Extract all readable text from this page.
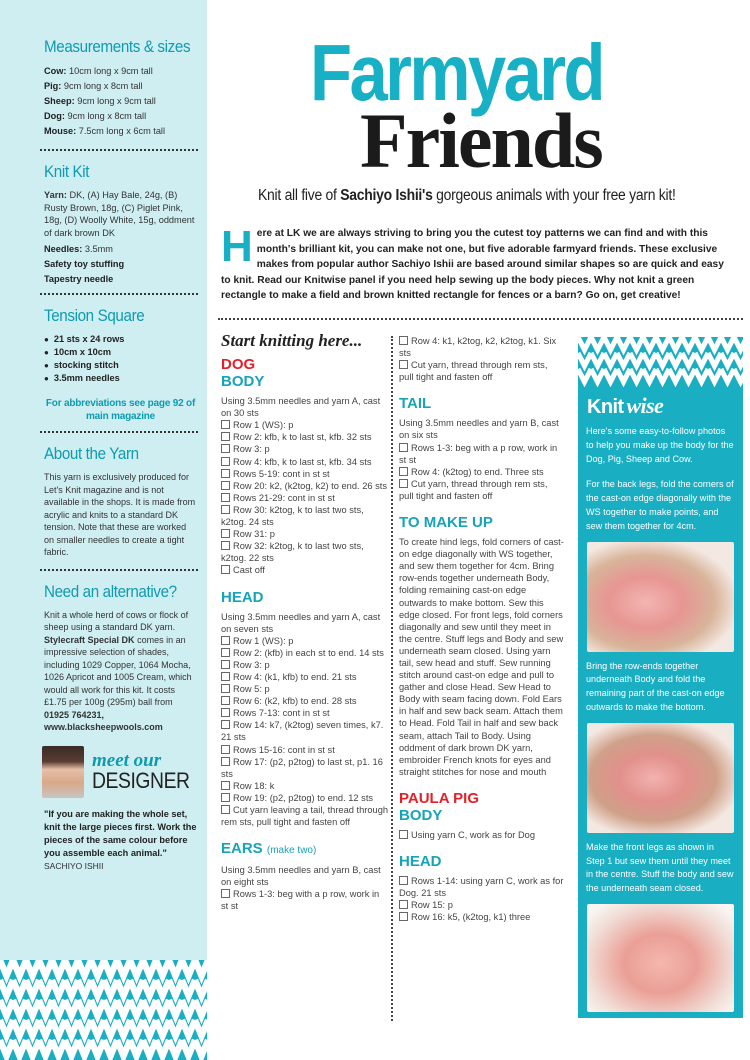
Measurements & sizes
Cow: 10cm long x 9cm tall
Pig: 9cm long x 8cm tall
Sheep: 9cm long x 9cm tall
Dog: 9cm long x 8cm tall
Mouse: 7.5cm long x 6cm tall
Knit Kit
Yarn: DK, (A) Hay Bale, 24g, (B) Rusty Brown, 18g, (C) Piglet Pink, 18g, (D) Woolly White, 15g, oddment of dark brown DK
Needles: 3.5mm
Safety toy stuffing
Tapestry needle
Tension Square
● 21 sts x 24 rows
● 10cm x 10cm
● stocking stitch
● 3.5mm needles
For abbreviations see page 92 of main magazine
About the Yarn
This yarn is exclusively produced for Let's Knit magazine and is not available in the shops. It is made from acrylic and knits to a standard DK tension. Note that these are worked on smaller needles to create a tight fabric.
Need an alternative?
Knit a whole herd of cows or flock of sheep using a standard DK yarn. Stylecraft Special DK comes in an impressive selection of shades, including 1029 Copper, 1064 Mocha, 1026 Apricot and 1005 Cream, which would all work for this kit. It costs £1.75 per 100g (295m) ball from 01925 764231, www.blacksheepwools.com
meet our
DESIGNER
"If you are making the whole set, knit the large pieces first. Work the pieces of the same colour before you assemble each animal."
SACHIYO ISHII
Farmyard
Friends
Knit all five of Sachiyo Ishii's gorgeous animals with your free yarn kit!
Here at LK we are always striving to bring you the cutest toy patterns we can find and with this month's brilliant kit, you can make not one, but five adorable farmyard friends. These exclusive makes from popular author Sachiyo Ishii are based around similar shapes so are quick and easy to knit. Read our Knitwise panel if you need help sewing up the body pieces. Why not knit a green rectangle to make a field and brown knitted rectangle for fences or a barn? Go on, get creative!
Start knitting here...
DOG
BODY
Using 3.5mm needles and yarn A, cast on 30 sts
Row 1 (WS): p
Row 2: kfb, k to last st, kfb. 32 sts
Row 3: p
Row 4: kfb, k to last st, kfb. 34 sts
Rows 5-19: cont in st st
Row 20: k2, (k2tog, k2) to end. 26 sts
Rows 21-29: cont in st st
Row 30: k2tog, k to last two sts, k2tog. 24 sts
Row 31: p
Row 32: k2tog, k to last two sts, k2tog. 22 sts
Cast off
HEAD
Using 3.5mm needles and yarn A, cast on seven sts
Row 1 (WS): p
Row 2: (kfb) in each st to end. 14 sts
Row 3: p
Row 4: (k1, kfb) to end. 21 sts
Row 5: p
Row 6: (k2, kfb) to end. 28 sts
Rows 7-13: cont in st st
Row 14: k7, (k2tog) seven times, k7. 21 sts
Rows 15-16: cont in st st
Row 17: (p2, p2tog) to last st, p1. 16 sts
Row 18: k
Row 19: (p2, p2tog) to end. 12 sts
Cut yarn leaving a tail, thread through rem sts, pull tight and fasten off
EARS (make two)
Using 3.5mm needles and yarn B, cast on eight sts
Rows 1-3: beg with a p row, work in st st
Row 4: k1, k2tog, k2, k2tog, k1. Six sts
Cut yarn, thread through rem sts, pull tight and fasten off
TAIL
Using 3.5mm needles and yarn B, cast on six sts
Rows 1-3: beg with a p row, work in st st
Row 4: (k2tog) to end. Three sts
Cut yarn, thread through rem sts, pull tight and fasten off
TO MAKE UP
To create hind legs, fold corners of cast-on edge diagonally with WS together, and sew them together for 4cm. Bring row-ends together underneath Body, folding remaining cast-on edge outwards to make bottom. Sew this edge closed. For front legs, fold corners diagonally and sew until they meet in the centre. Stuff legs and Body and sew underneath seam closed. Using yarn tail, sew head and stuff. Sew running stitch around cast-on edge and pull to gather and close Head. Sew Head to Body with seam facing down. Fold Ears in half and sew back seam. Attach them to Head. Fold Tail in half and sew back seam, attach Tail to Body. Using oddment of dark brown DK yarn, embroider French knots for eyes and straight stitches for nose and mouth
PAULA PIG
BODY
Using yarn C, work as for Dog
HEAD
Rows 1-14: using yarn C, work as for Dog. 21 sts
Row 15: p
Row 16: k5, (k2tog, k1) three
Knit wise
Here's some easy-to-follow photos to help you make up the body for the Dog, Pig, Sheep and Cow.
For the back legs, fold the corners of the cast-on edge diagonally with the WS together to make points, and sew them together for 4cm.
Bring the row-ends together underneath Body and fold the remaining part of the cast-on edge outwards to make the bottom.
Make the front legs as shown in Step 1 but sew them until they meet in the centre. Stuff the body and sew the underneath seam closed.
